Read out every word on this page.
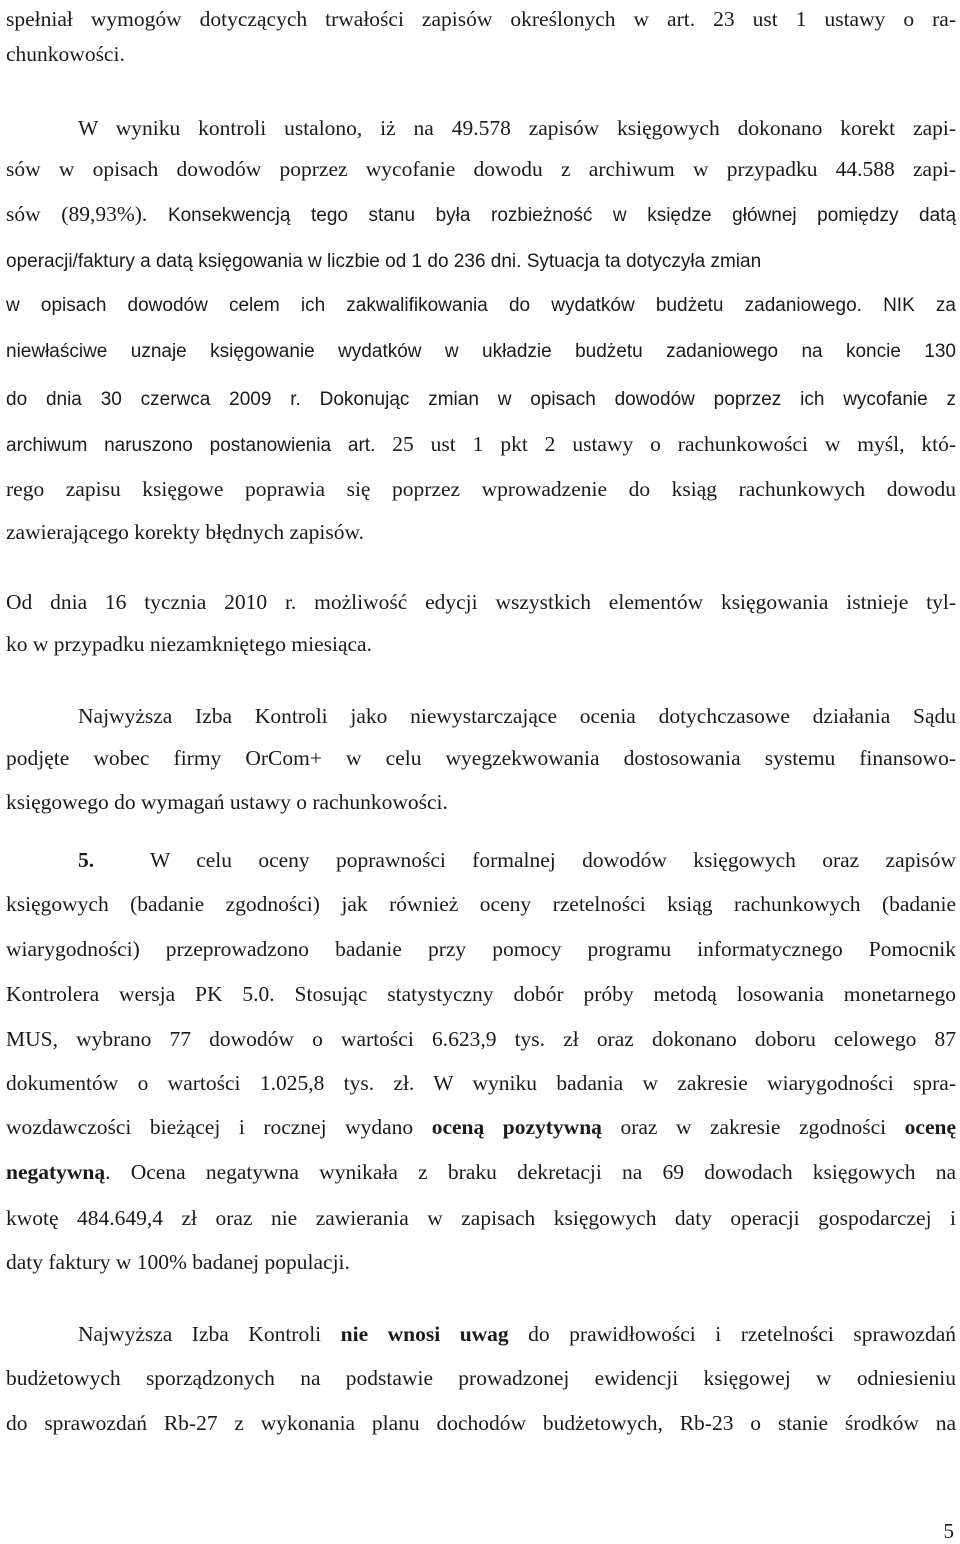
spełniał wymogów dotyczących trwałości zapisów określonych w art. 23 ust 1 ustawy o ra-
chunkowości.
W wyniku kontroli ustalono, iż na 49.578 zapisów księgowych dokonano korekt zapi-
sów w opisach dowodów poprzez wycofanie dowodu z archiwum w przypadku 44.588 zapi-
sów (89,93%). Konsekwencją tego stanu była rozbieżność w księdze głównej pomiędzy datą
operacji/faktury a datą księgowania w liczbie od 1 do 236 dni. Sytuacja ta dotyczyła zmian
w opisach dowodów celem ich zakwalifikowania do wydatków budżetu zadaniowego. NIK za
niewłaściwe uznaje księgowanie wydatków w układzie budżetu zadaniowego na koncie 130
do dnia 30 czerwca 2009 r. Dokonując zmian w opisach dowodów poprzez ich wycofanie z
archiwum naruszono postanowienia art. 25 ust 1 pkt 2 ustawy o rachunkowości w myśl, któ-
rego zapisu księgowe poprawia się poprzez wprowadzenie do ksiąg rachunkowych dowodu
zawierającego korekty błędnych zapisów.
Od dnia 16 tycznia 2010 r. możliwość edycji wszystkich elementów księgowania istnieje tyl-
ko w przypadku niezamkniętego miesiąca.
Najwyższa Izba Kontroli jako niewystarczające ocenia dotychczasowe działania Sądu
podjęte wobec firmy OrCom+ w celu wyegzekwowania dostosowania systemu finansowo-
księgowego do wymagań ustawy o rachunkowości.
5.	W celu oceny poprawności formalnej dowodów księgowych oraz zapisów
księgowych (badanie zgodności) jak również oceny rzetelności ksiąg rachunkowych (badanie
wiarygodności) przeprowadzono badanie przy pomocy programu informatycznego Pomocnik
Kontrolera wersja PK 5.0. Stosując statystyczny dobór próby metodą losowania monetarnego
MUS, wybrano 77 dowodów o wartości 6.623,9 tys. zł oraz dokonano doboru celowego 87
dokumentów o wartości 1.025,8 tys. zł. W wyniku badania w zakresie wiarygodności spra-
wozdawczości bieżącej i rocznej wydano oceną pozytywną oraz w zakresie zgodności ocenę
negatywną. Ocena negatywna wynikała z braku dekretacji na 69 dowodach księgowych na
kwotę 484.649,4 zł oraz nie zawierania w zapisach księgowych daty operacji gospodarczej i
daty faktury w 100% badanej populacji.
Najwyższa Izba Kontroli nie wnosi uwag do prawidłowości i rzetelności sprawozdań
budżetowych sporządzonych na podstawie prowadzonej ewidencji księgowej w odniesieniu
do sprawozdań Rb-27 z wykonania planu dochodów budżetowych, Rb-23 o stanie środków na
5
